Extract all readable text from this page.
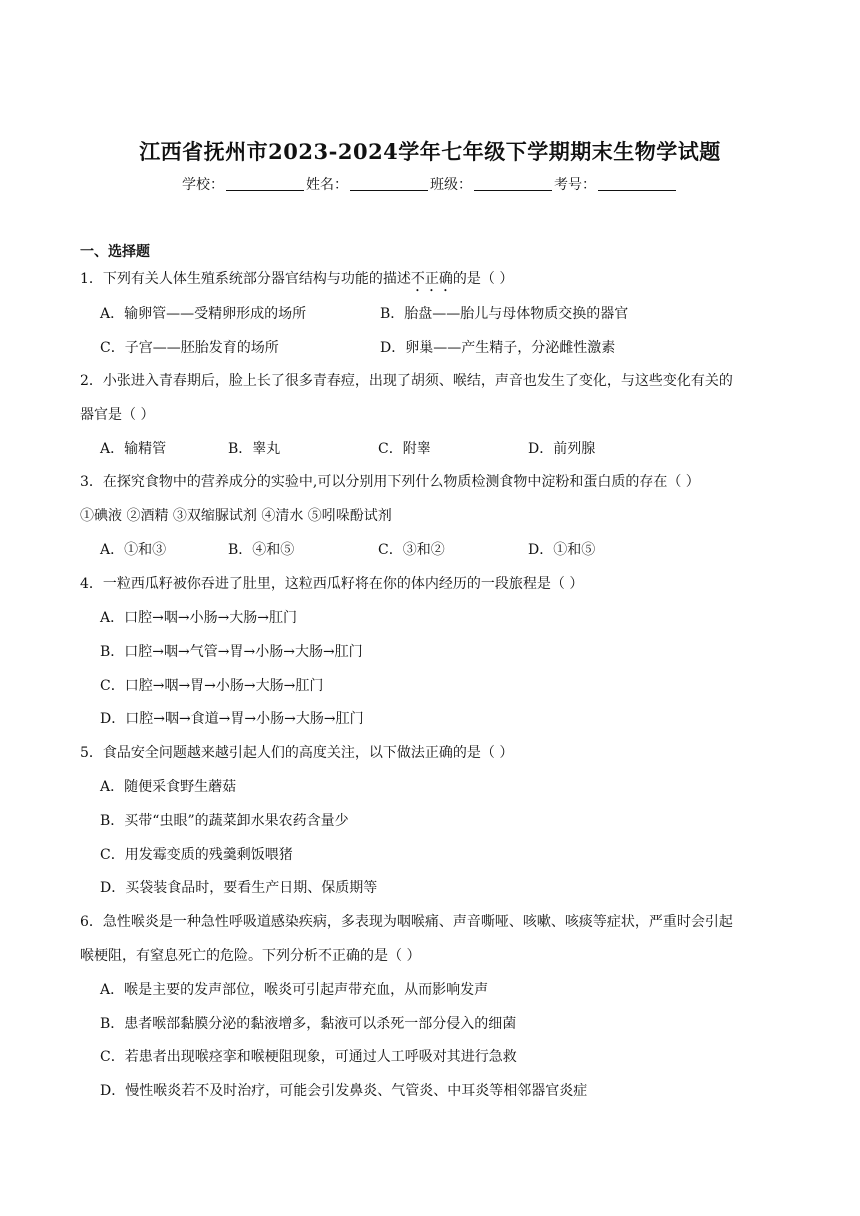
江西省抚州市2023-2024学年七年级下学期期末生物学试题
学校：	姓名：	班级：	考号：
一、选择题
1．下列有关人体生殖系统部分器官结构与功能的描述不正确的是（ ）
A．输卵管——受精卵形成的场所	B．胎盘——胎儿与母体物质交换的器官
C．子宫——胚胎发育的场所	D．卵巢——产生精子，分泌雌性激素
2．小张进入青春期后，脸上长了很多青春痘，出现了胡须、喉结，声音也发生了变化，与这些变化有关的
器官是（ ）
A．输精管	B．睾丸	C．附睾	D．前列腺
3．在探究食物中的营养成分的实验中,可以分别用下列什么物质检测食物中淀粉和蛋白质的存在（ ）
①碘液 ②酒精 ③双缩脲试剂 ④清水 ⑤吲哚酚试剂
A．①和③	B．④和⑤	C．③和②	D．①和⑤
4．一粒西瓜籽被你吞进了肚里，这粒西瓜籽将在你的体内经历的一段旅程是（ ）
A．口腔→咽→小肠→大肠→肛门
B．口腔→咽→气管→胃→小肠→大肠→肛门
C．口腔→咽→胃→小肠→大肠→肛门
D．口腔→咽→食道→胃→小肠→大肠→肛门
5．食品安全问题越来越引起人们的高度关注，以下做法正确的是（ ）
A．随便采食野生蘑菇
B．买带“虫眼”的蔬菜卸水果农药含量少
C．用发霉变质的残羹剩饭喂猪
D．买袋装食品时，要看生产日期、保质期等
6．急性喉炎是一种急性呼吸道感染疾病，多表现为咽喉痛、声音嘶哑、咳嗽、咳痰等症状，严重时会引起
喉梗阻，有窒息死亡的危险。下列分析不正确的是（ ）
A．喉是主要的发声部位，喉炎可引起声带充血，从而影响发声
B．患者喉部黏膜分泌的黏液增多，黏液可以杀死一部分侵入的细菌
C．若患者出现喉痉挛和喉梗阻现象，可通过人工呼吸对其进行急救
D．慢性喉炎若不及时治疗，可能会引发鼻炎、气管炎、中耳炎等相邻器官炎症
